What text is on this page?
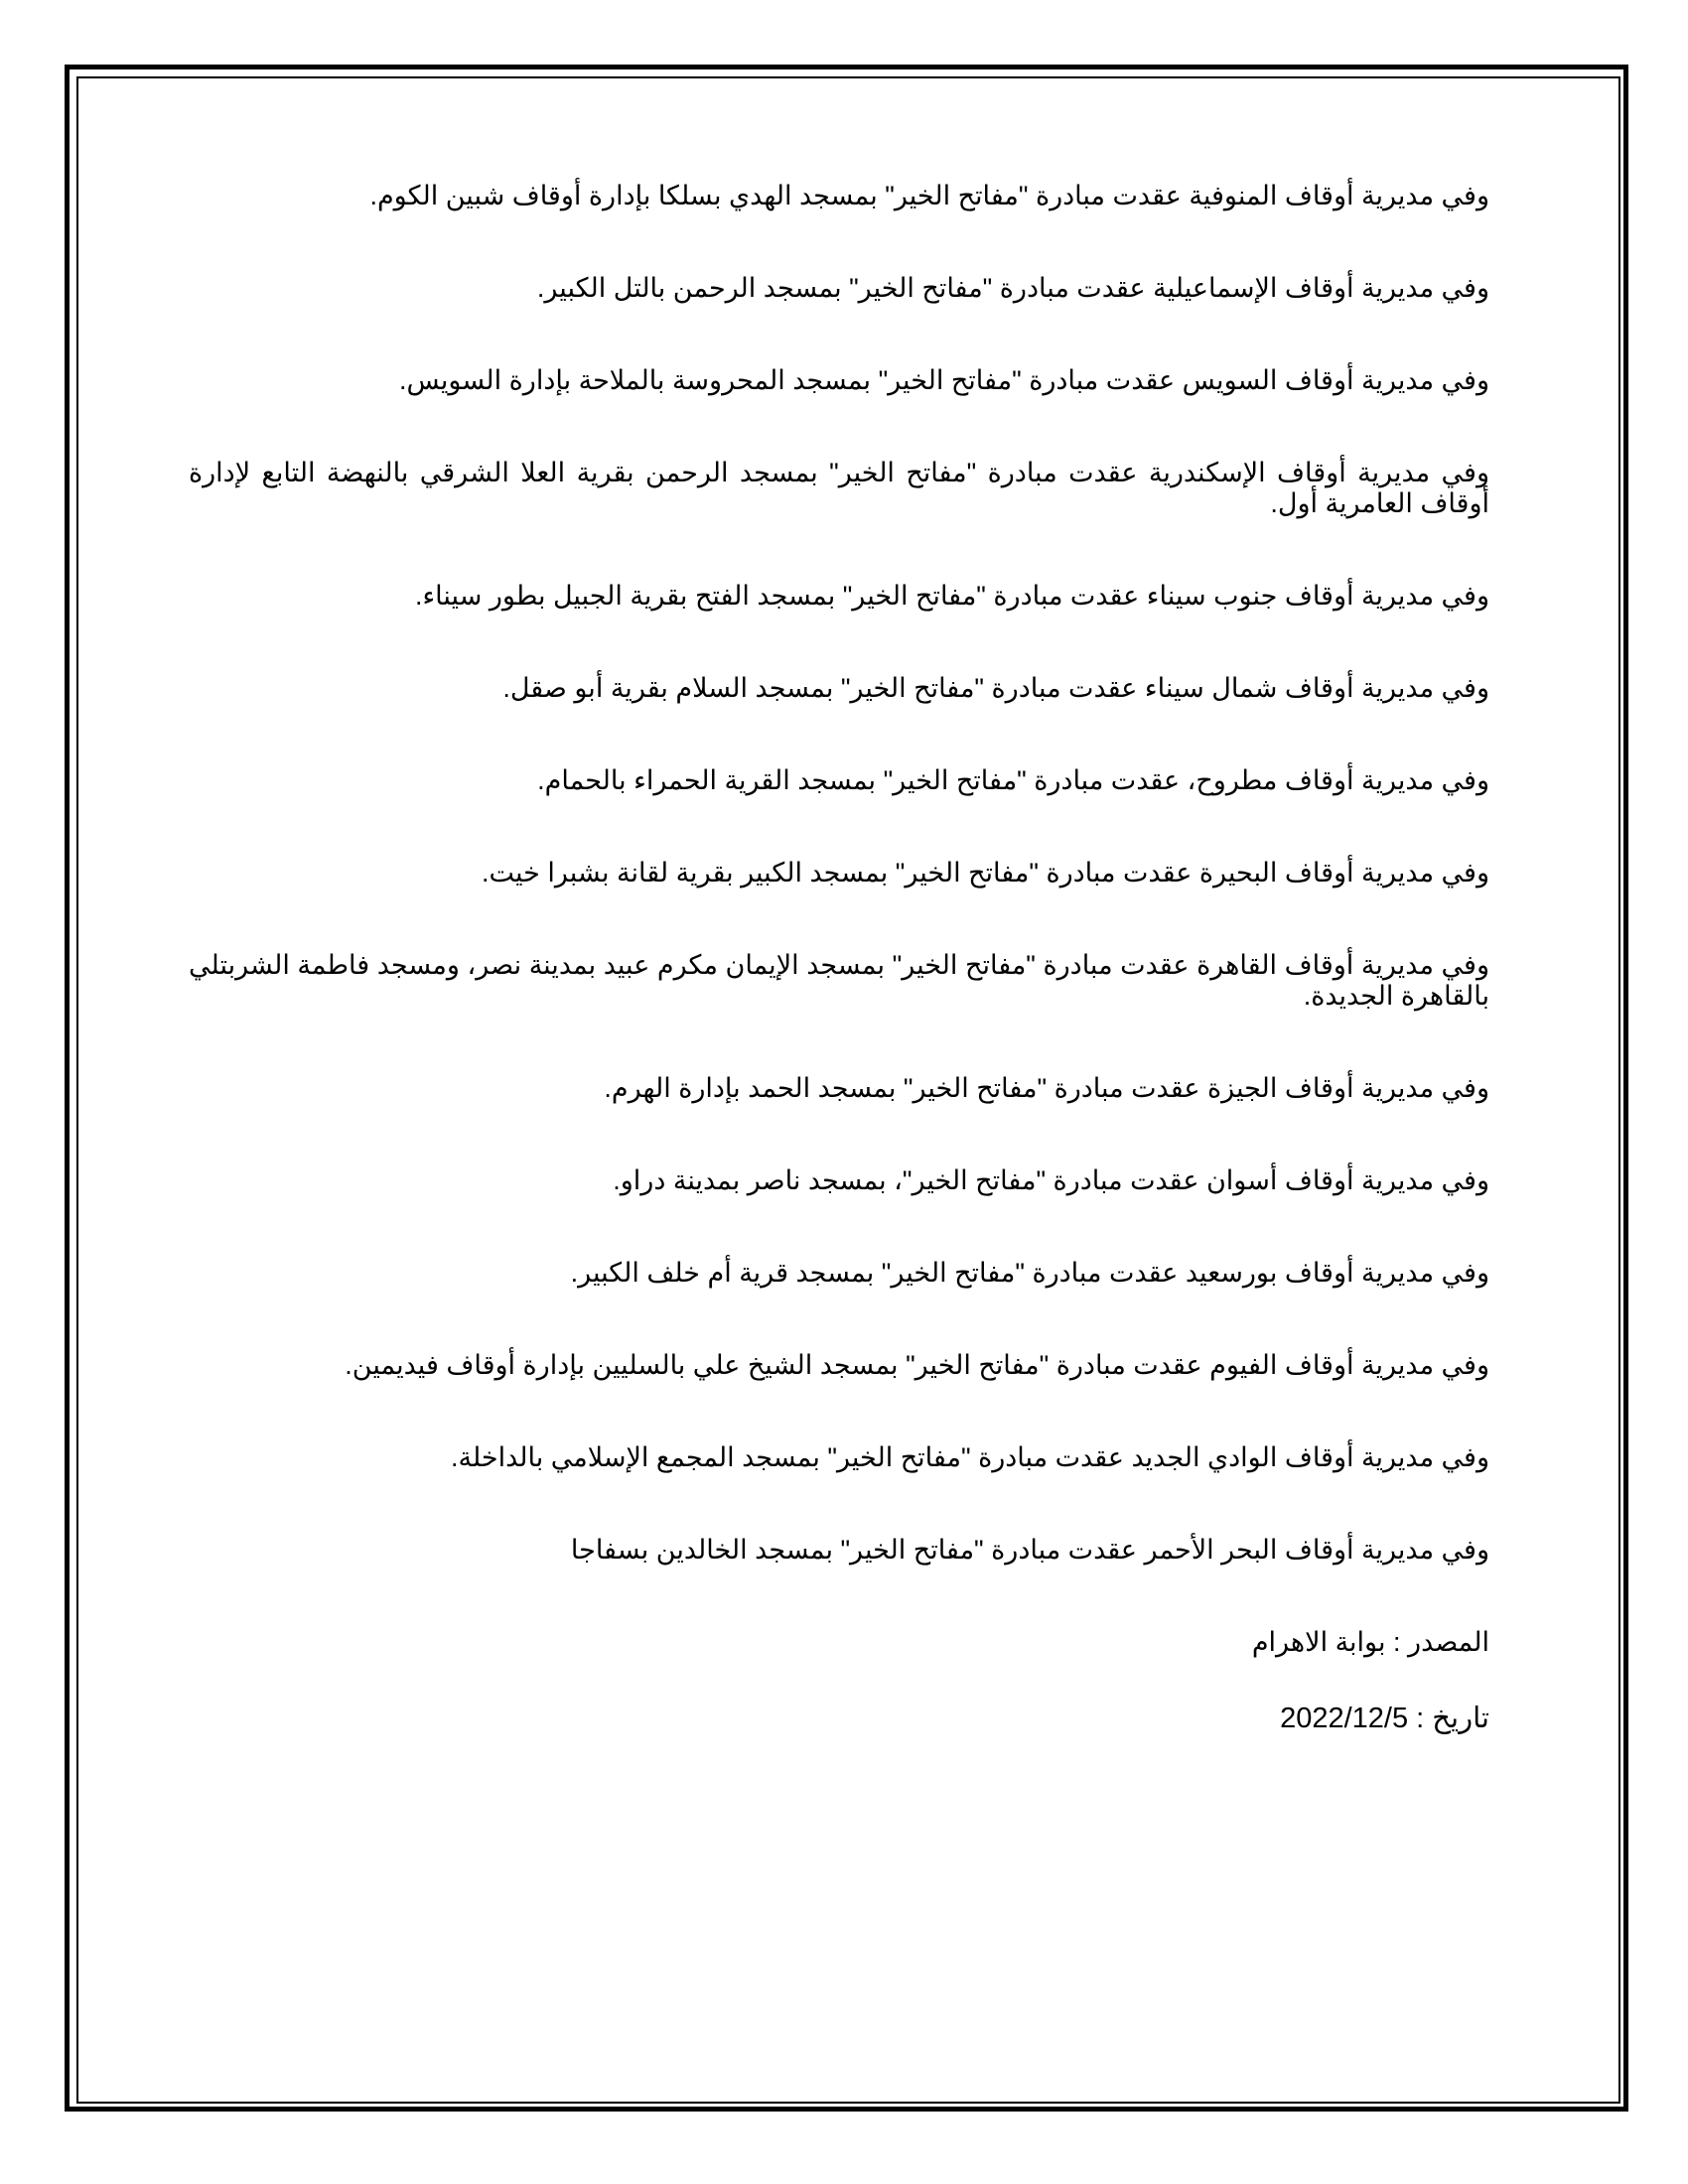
وفي مديرية أوقاف المنوفية عقدت مبادرة "مفاتح الخير" بمسجد الهدي بسلكا بإدارة أوقاف شبين الكوم.

وفي مديرية أوقاف الإسماعيلية عقدت مبادرة "مفاتح الخير" بمسجد الرحمن بالتل الكبير.

وفي مديرية أوقاف السويس عقدت مبادرة "مفاتح الخير" بمسجد المحروسة بالملاحة بإدارة السويس.

وفي مديرية أوقاف الإسكندرية عقدت مبادرة "مفاتح الخير" بمسجد الرحمن بقرية العلا الشرقي بالنهضة التابع لإدارة أوقاف العامرية أول.

وفي مديرية أوقاف جنوب سيناء عقدت مبادرة "مفاتح الخير" بمسجد الفتح بقرية الجبيل بطور سيناء.

وفي مديرية أوقاف شمال سيناء عقدت مبادرة "مفاتح الخير" بمسجد السلام بقرية أبو صقل.

وفي مديرية أوقاف مطروح، عقدت مبادرة "مفاتح الخير" بمسجد القرية الحمراء بالحمام.

وفي مديرية أوقاف البحيرة عقدت مبادرة "مفاتح الخير" بمسجد الكبير بقرية لقانة بشبرا خيت.

وفي مديرية أوقاف القاهرة عقدت مبادرة "مفاتح الخير" بمسجد الإيمان مكرم عبيد بمدينة نصر، ومسجد فاطمة الشربتلي بالقاهرة الجديدة.

وفي مديرية أوقاف الجيزة عقدت مبادرة "مفاتح الخير" بمسجد الحمد بإدارة الهرم.

وفي مديرية أوقاف أسوان عقدت مبادرة "مفاتح الخير"، بمسجد ناصر بمدينة دراو.

وفي مديرية أوقاف بورسعيد عقدت مبادرة "مفاتح الخير" بمسجد قرية أم خلف الكبير.

وفي مديرية أوقاف الفيوم عقدت مبادرة "مفاتح الخير" بمسجد الشيخ علي بالسليين بإدارة أوقاف فيديمين.

وفي مديرية أوقاف الوادي الجديد عقدت مبادرة "مفاتح الخير" بمسجد المجمع الإسلامي بالداخلة.

وفي مديرية أوقاف البحر الأحمر عقدت مبادرة "مفاتح الخير" بمسجد الخالدين بسفاجا

المصدر : بوابة الاهرام

تاريخ : 2022/12/5
